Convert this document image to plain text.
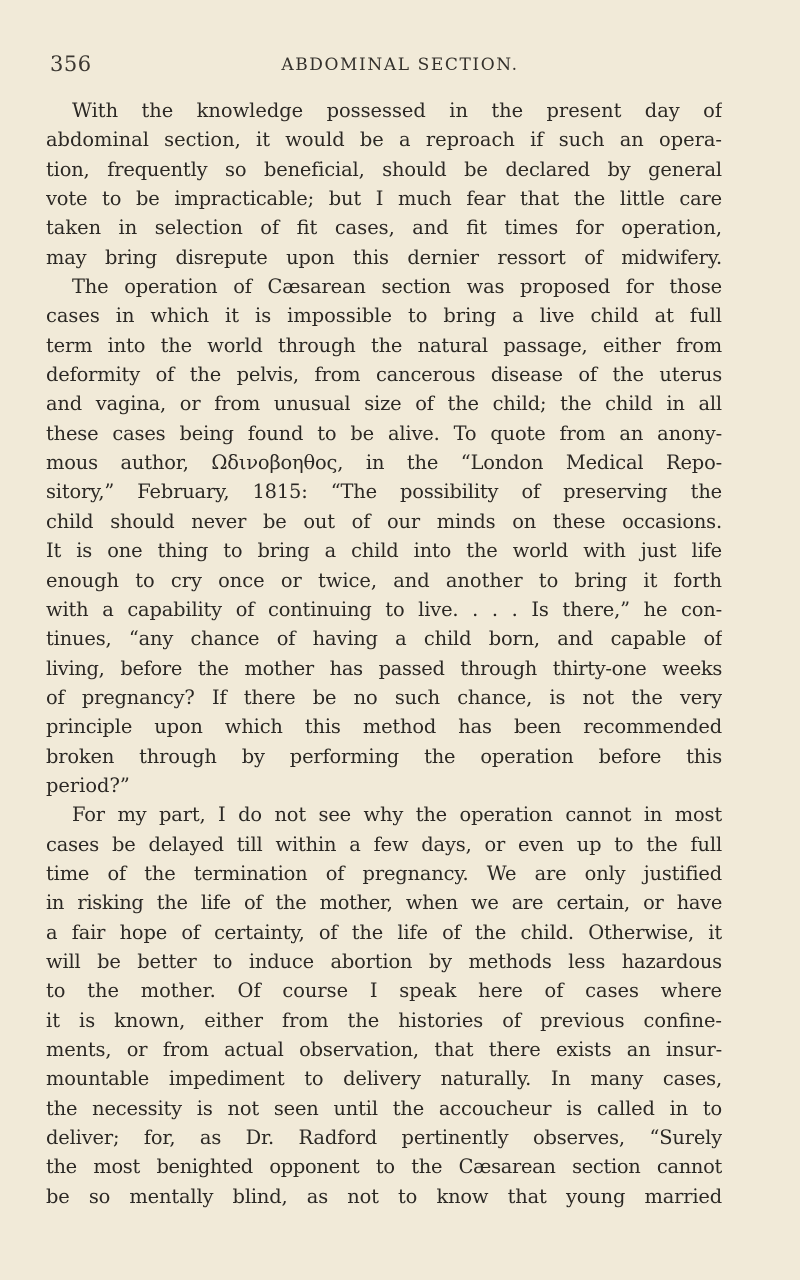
356	ABDOMINAL SECTION.
With the knowledge possessed in the present day of
abdominal section, it would be a reproach if such an opera-
tion, frequently so beneficial, should be declared by general
vote to be impracticable; but I much fear that the little care
taken in selection of fit cases, and fit times for operation,
may bring disrepute upon this dernier ressort of midwifery.
The operation of Cæsarean section was proposed for those
cases in which it is impossible to bring a live child at full
term into the world through the natural passage, either from
deformity of the pelvis, from cancerous disease of the uterus
and vagina, or from unusual size of the child; the child in all
these cases being found to be alive. To quote from an anony-
mous author, Ωδινοβοηθος, in the “London Medical Repo-
sitory,” February, 1815: “The possibility of preserving the
child should never be out of our minds on these occasions.
It is one thing to bring a child into the world with just life
enough to cry once or twice, and another to bring it forth
with a capability of continuing to live. . . . Is there,” he con-
tinues, “any chance of having a child born, and capable of
living, before the mother has passed through thirty-one weeks
of pregnancy? If there be no such chance, is not the very
principle upon which this method has been recommended
broken through by performing the operation before this
period?”
For my part, I do not see why the operation cannot in most
cases be delayed till within a few days, or even up to the full
time of the termination of pregnancy. We are only justified
in risking the life of the mother, when we are certain, or have
a fair hope of certainty, of the life of the child. Otherwise, it
will be better to induce abortion by methods less hazardous
to the mother. Of course I speak here of cases where
it is known, either from the histories of previous confine-
ments, or from actual observation, that there exists an insur-
mountable impediment to delivery naturally. In many cases,
the necessity is not seen until the accoucheur is called in to
deliver; for, as Dr. Radford pertinently observes, “Surely
the most benighted opponent to the Cæsarean section cannot
be so mentally blind, as not to know that young married
